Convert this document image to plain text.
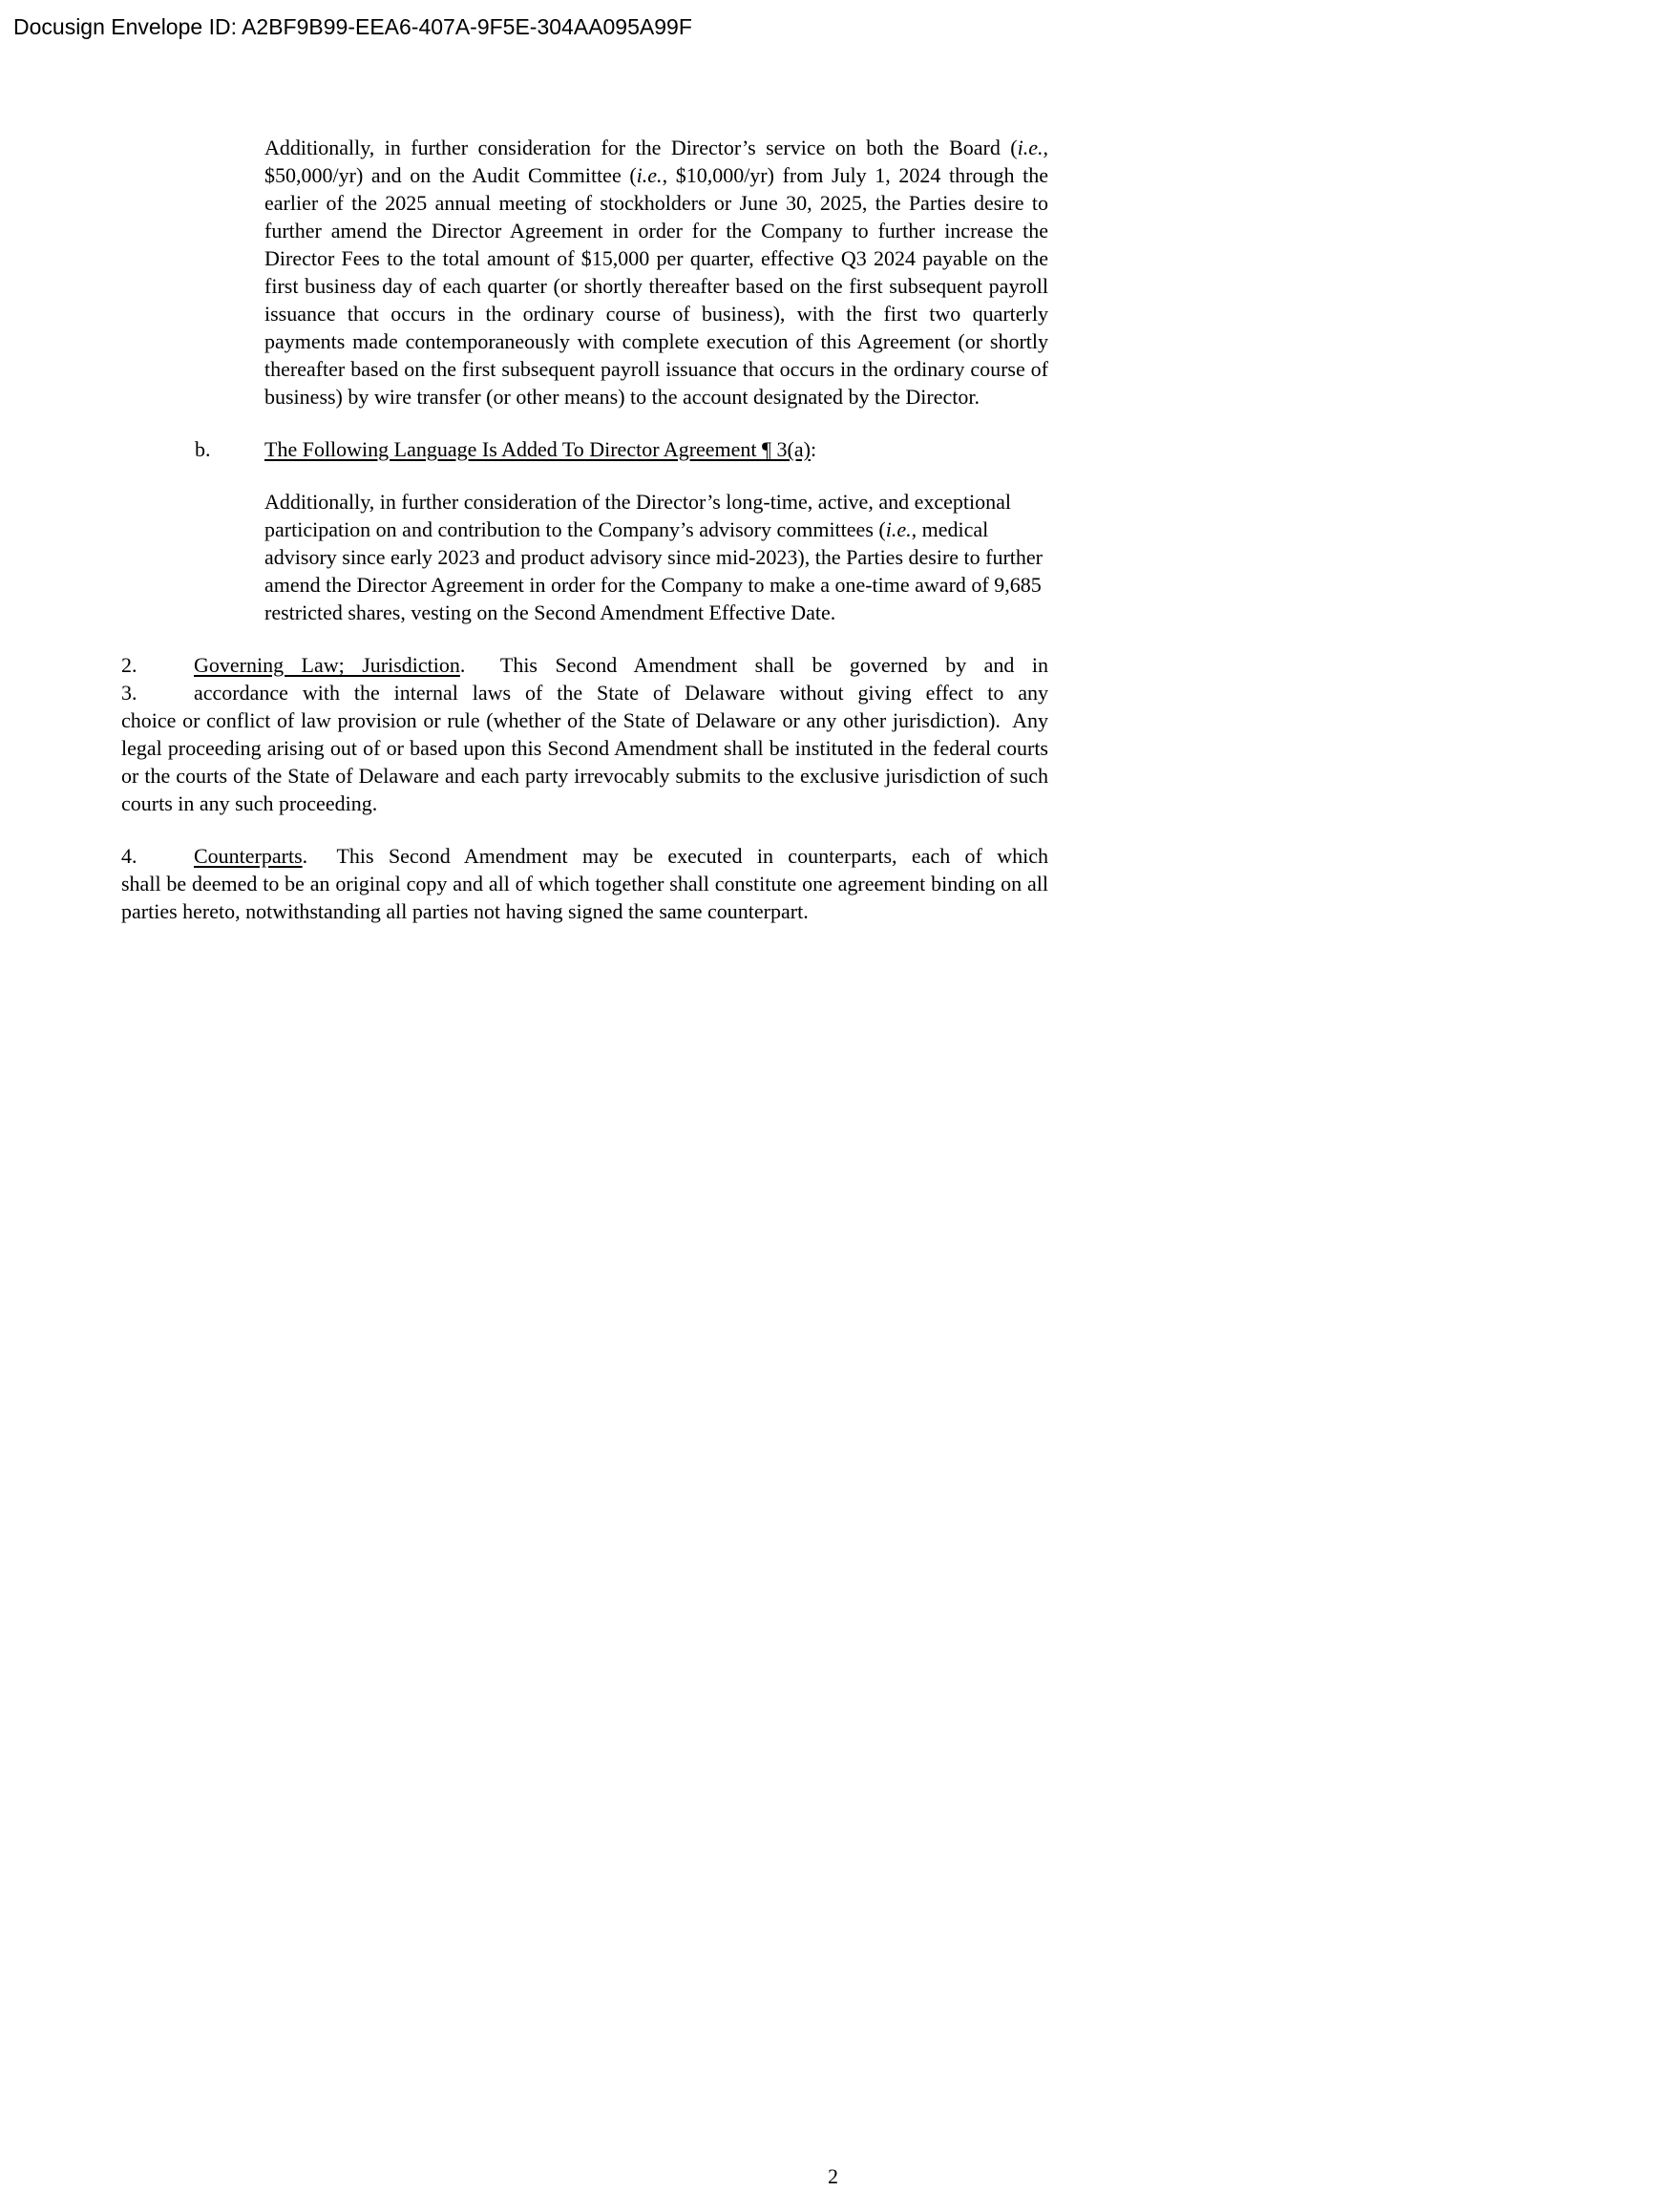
Docusign Envelope ID: A2BF9B99-EEA6-407A-9F5E-304AA095A99F

Additionally, in further consideration for the Director’s service on both the Board (i.e., $50,000/yr) and on the Audit Committee (i.e., $10,000/yr) from July 1, 2024 through the earlier of the 2025 annual meeting of stockholders or June 30, 2025, the Parties desire to further amend the Director Agreement in order for the Company to further increase the Director Fees to the total amount of $15,000 per quarter, effective Q3 2024 payable on the first business day of each quarter (or shortly thereafter based on the first subsequent payroll issuance that occurs in the ordinary course of business), with the first two quarterly payments made contemporaneously with complete execution of this Agreement (or shortly thereafter based on the first subsequent payroll issuance that occurs in the ordinary course of business) by wire transfer (or other means) to the account designated by the Director.

b.	The Following Language Is Added To Director Agreement ¶ 3(a):

Additionally, in further consideration of the Director’s long-time, active, and exceptional participation on and contribution to the Company’s advisory committees (i.e., medical advisory since early 2023 and product advisory since mid-2023), the Parties desire to further amend the Director Agreement in order for the Company to make a one-time award of 9,685 restricted shares, vesting on the Second Amendment Effective Date.

2.	Governing Law; Jurisdiction.  This Second Amendment shall be governed by and in
3.	accordance with the internal laws of the State of Delaware without giving effect to any

choice or conflict of law provision or rule (whether of the State of Delaware or any other jurisdiction).  Any legal proceeding arising out of or based upon this Second Amendment shall be instituted in the federal courts or the courts of the State of Delaware and each party irrevocably submits to the exclusive jurisdiction of such courts in any such proceeding.

4.	Counterparts.  This Second Amendment may be executed in counterparts, each of which

shall be deemed to be an original copy and all of which together shall constitute one agreement binding on all parties hereto, notwithstanding all parties not having signed the same counterpart.

2
